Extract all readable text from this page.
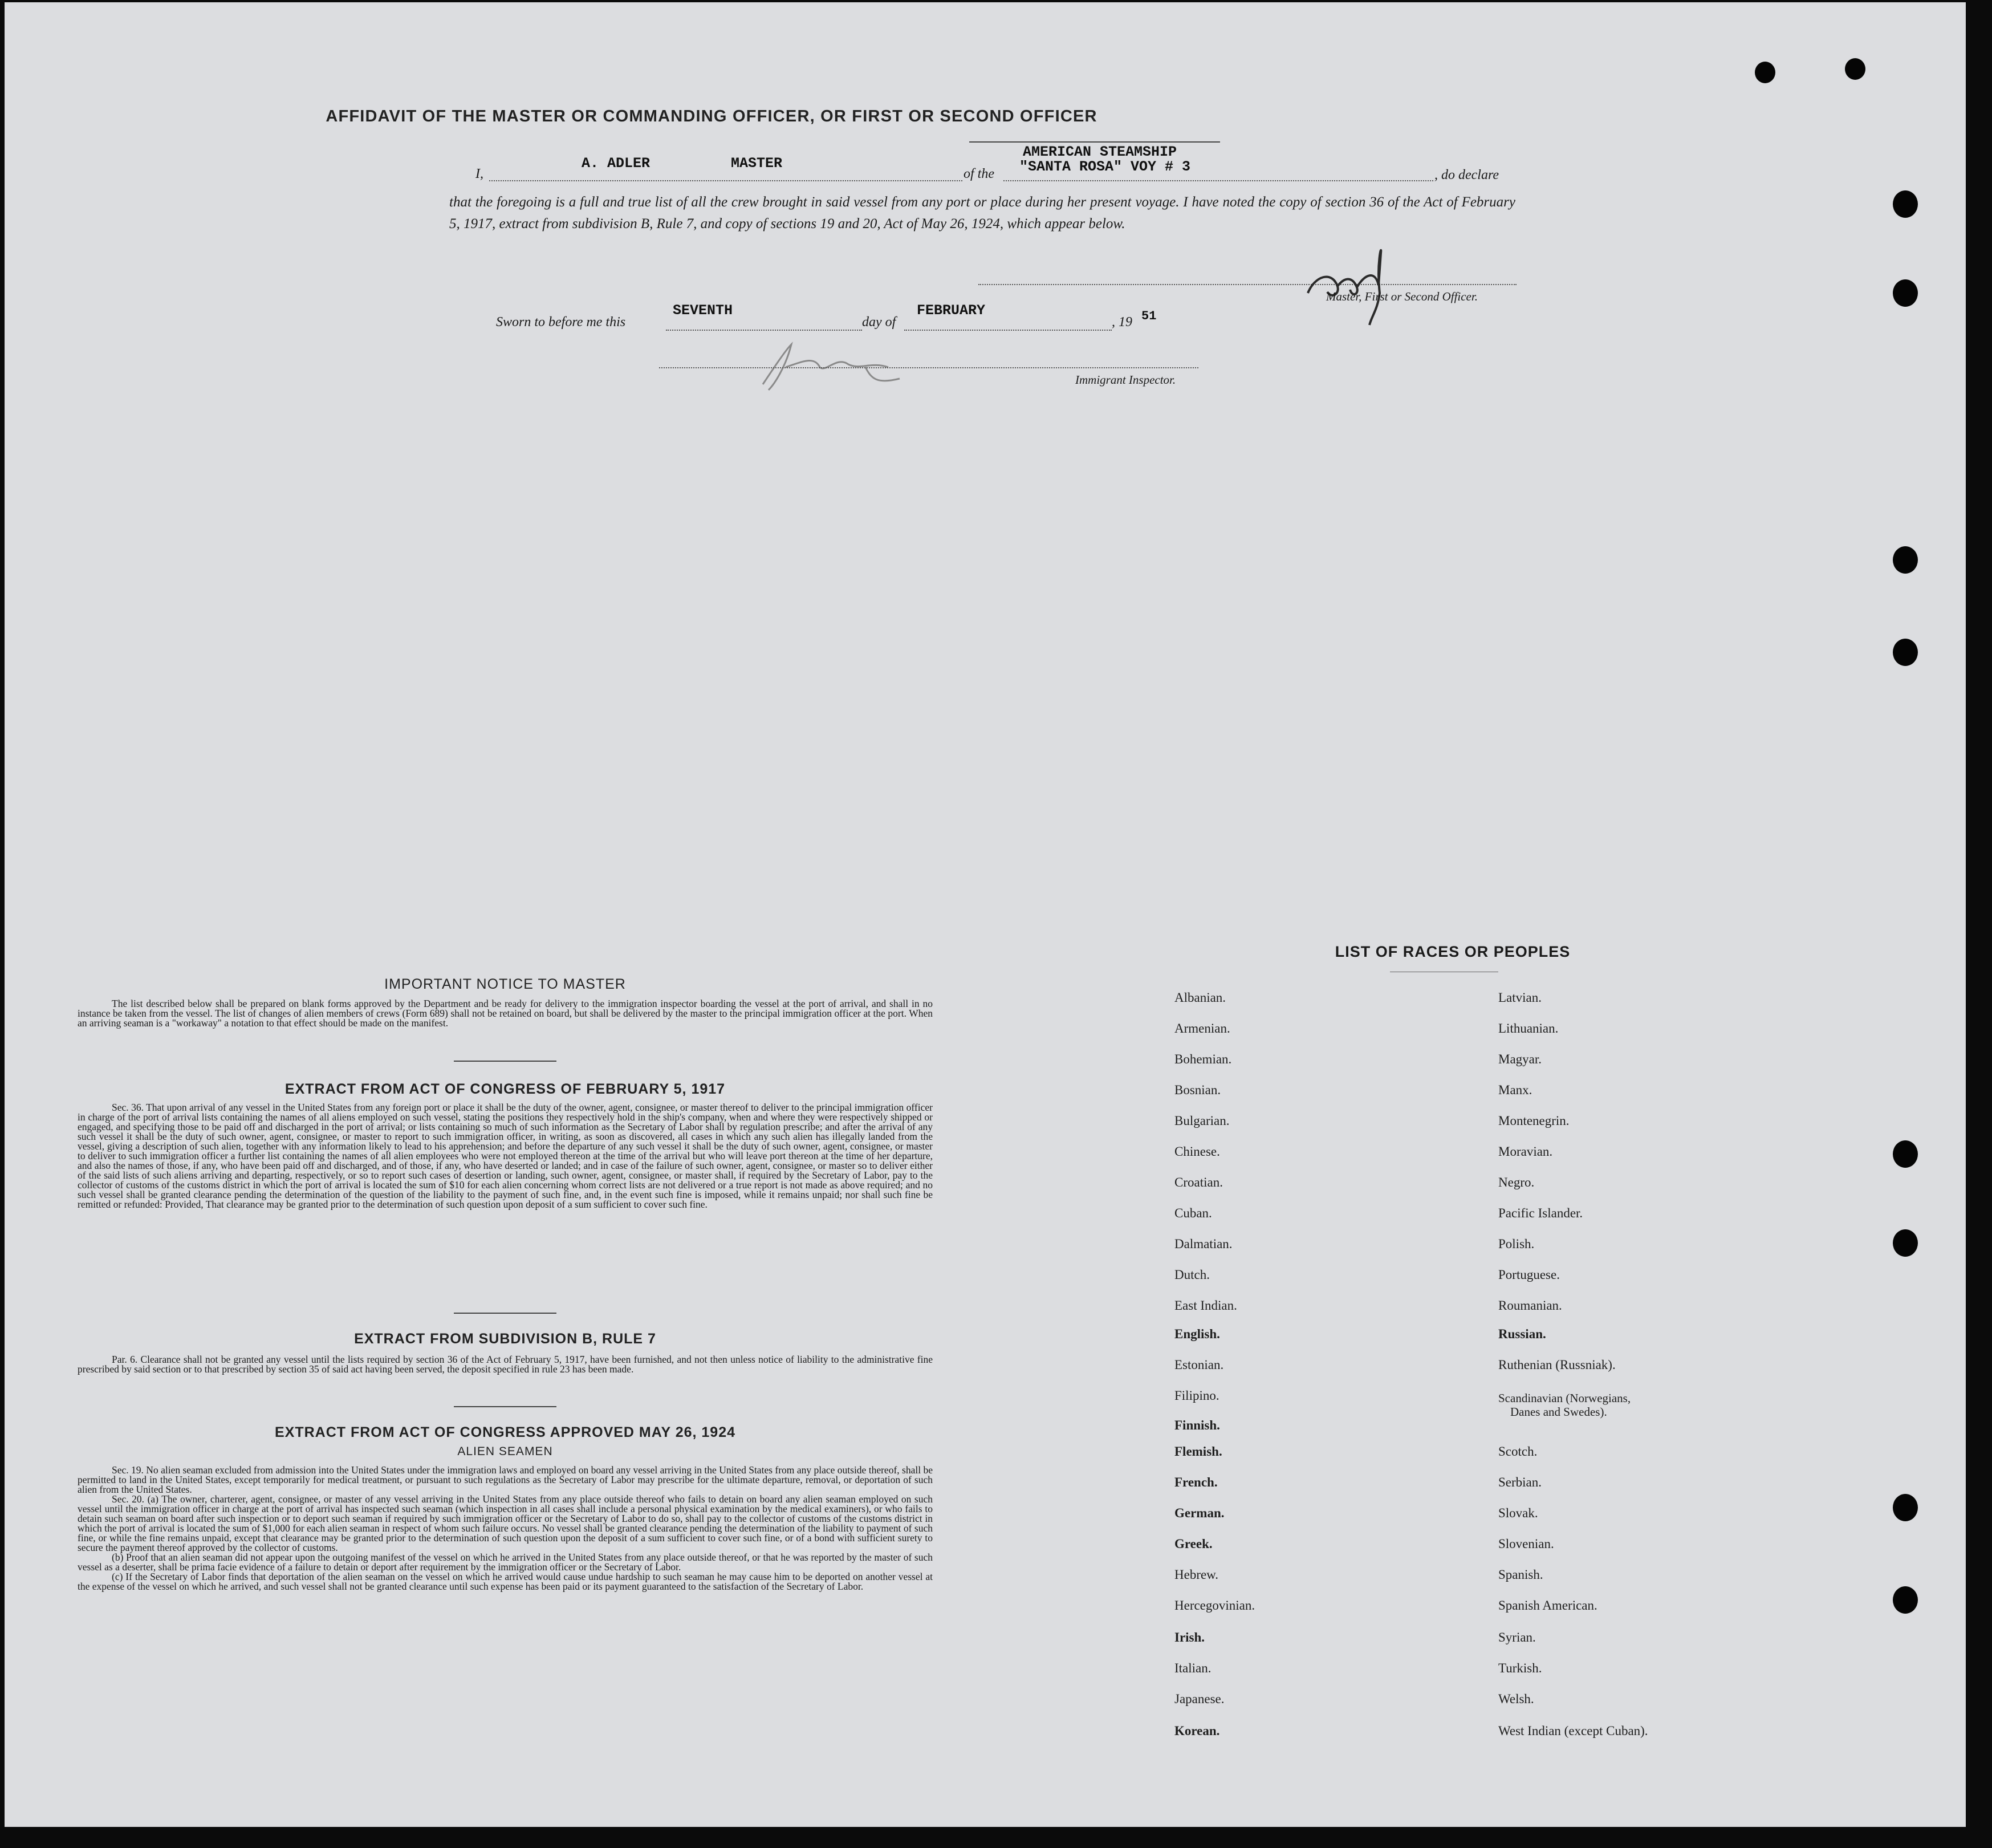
AFFIDAVIT OF THE MASTER OR COMMANDING OFFICER, OR FIRST OR SECOND OFFICER
I,
A. ADLER	MASTER
of the
AMERICAN STEAMSHIP
"SANTA ROSA" VOY # 3	, do declare
that the foregoing is a full and true list of all the crew brought in said vessel from any port or place during her present voyage. I have noted the copy of section 36 of the Act of February 5, 1917, extract from subdivision B, Rule 7, and copy of sections 19 and 20, Act of May 26, 1924, which appear below.
Master, First or Second Officer.
Sworn to before me this
SEVENTH
day of
FEBRUARY
, 19 51
Immigrant Inspector.
IMPORTANT NOTICE TO MASTER

The list described below shall be prepared on blank forms approved by the Department and be ready for delivery to the immigration inspector boarding the vessel at the port of arrival, and shall in no instance be taken from the vessel. The list of changes of alien members of crews (Form 689) shall not be retained on board, but shall be delivered by the master to the principal immigration officer at the port. When an arriving seaman is a "workaway" a notation to that effect should be made on the manifest.

EXTRACT FROM ACT OF CONGRESS OF FEBRUARY 5, 1917

Sec. 36. That upon arrival of any vessel in the United States from any foreign port or place it shall be the duty of the owner, agent, consignee, or master thereof to deliver to the principal immigration officer in charge of the port of arrival lists containing the names of all aliens employed on such vessel, stating the positions they respectively hold in the ship's company, when and where they were respectively shipped or engaged, and specifying those to be paid off and discharged in the port of arrival; or lists containing so much of such information as the Secretary of Labor shall by regulation prescribe; and after the arrival of any such vessel it shall be the duty of such owner, agent, consignee, or master to report to such immigration officer, in writing, as soon as discovered, all cases in which any such alien has illegally landed from the vessel, giving a description of such alien, together with any information likely to lead to his apprehension; and before the departure of any such vessel it shall be the duty of such owner, agent, consignee, or master to deliver to such immigration officer a further list containing the names of all alien employees who were not employed thereon at the time of the arrival but who will leave port thereon at the time of her departure, and also the names of those, if any, who have been paid off and discharged, and of those, if any, who have deserted or landed; and in case of the failure of such owner, agent, consignee, or master so to deliver either of the said lists of such aliens arriving and departing, respectively, or so to report such cases of desertion or landing, such owner, agent, consignee, or master shall, if required by the Secretary of Labor, pay to the collector of customs of the customs district in which the port of arrival is located the sum of $10 for each alien concerning whom correct lists are not delivered or a true report is not made as above required; and no such vessel shall be granted clearance pending the determination of the question of the liability to the payment of such fine, and, in the event such fine is imposed, while it remains unpaid; nor shall such fine be remitted or refunded: Provided, That clearance may be granted prior to the determination of such question upon deposit of a sum sufficient to cover such fine.

EXTRACT FROM SUBDIVISION B, RULE 7

Par. 6. Clearance shall not be granted any vessel until the lists required by section 36 of the Act of February 5, 1917, have been furnished, and not then unless notice of liability to the administrative fine prescribed by said section or to that prescribed by section 35 of said act having been served, the deposit specified in rule 23 has been made.

EXTRACT FROM ACT OF CONGRESS APPROVED MAY 26, 1924
ALIEN SEAMEN

Sec. 19. No alien seaman excluded from admission into the United States under the immigration laws and employed on board any vessel arriving in the United States from any place outside thereof, shall be permitted to land in the United States, except temporarily for medical treatment, or pursuant to such regulations as the Secretary of Labor may prescribe for the ultimate departure, removal, or deportation of such alien from the United States.

Sec. 20. (a) The owner, charterer, agent, consignee, or master of any vessel arriving in the United States from any place outside thereof who fails to detain on board any alien seaman employed on such vessel until the immigration officer in charge at the port of arrival has inspected such seaman (which inspection in all cases shall include a personal physical examination by the medical examiners), or who fails to detain such seaman on board after such inspection or to deport such seaman if required by such immigration officer or the Secretary of Labor to do so, shall pay to the collector of customs of the customs district in which the port of arrival is located the sum of $1,000 for each alien seaman in respect of whom such failure occurs. No vessel shall be granted clearance pending the determination of the liability to payment of such fine, or while the fine remains unpaid, except that clearance may be granted prior to the determination of such question upon the deposit of a sum sufficient to cover such fine, or of a bond with sufficient surety to secure the payment thereof approved by the collector of customs.

(b) Proof that an alien seaman did not appear upon the outgoing manifest of the vessel on which he arrived in the United States from any place outside thereof, or that he was reported by the master of such vessel as a deserter, shall be prima facie evidence of a failure to detain or deport after requirement by the immigration officer or the Secretary of Labor.

(c) If the Secretary of Labor finds that deportation of the alien seaman on the vessel on which he arrived would cause undue hardship to such seaman he may cause him to be deported on another vessel at the expense of the vessel on which he arrived, and such vessel shall not be granted clearance until such expense has been paid or its payment guaranteed to the satisfaction of the Secretary of Labor.

LIST OF RACES OR PEOPLES
Albanian.
Armenian.
Bohemian.
Bosnian.
Bulgarian.
Chinese.
Croatian.
Cuban.
Dalmatian.
Dutch.
East Indian.
English.
Estonian.
Filipino.
Finnish.
Flemish.
French.
German.
Greek.
Hebrew.
Hercegovinian.
Irish.
Italian.
Japanese.
Korean.
Latvian.
Lithuanian.
Magyar.
Manx.
Montenegrin.
Moravian.
Negro.
Pacific Islander.
Polish.
Portuguese.
Roumanian.
Russian.
Ruthenian (Russniak).
Scandinavian (Norwegians,
Danes and Swedes).
Scotch.
Serbian.
Slovak.
Slovenian.
Spanish.
Spanish American.
Syrian.
Turkish.
Welsh.
West Indian (except Cuban).
